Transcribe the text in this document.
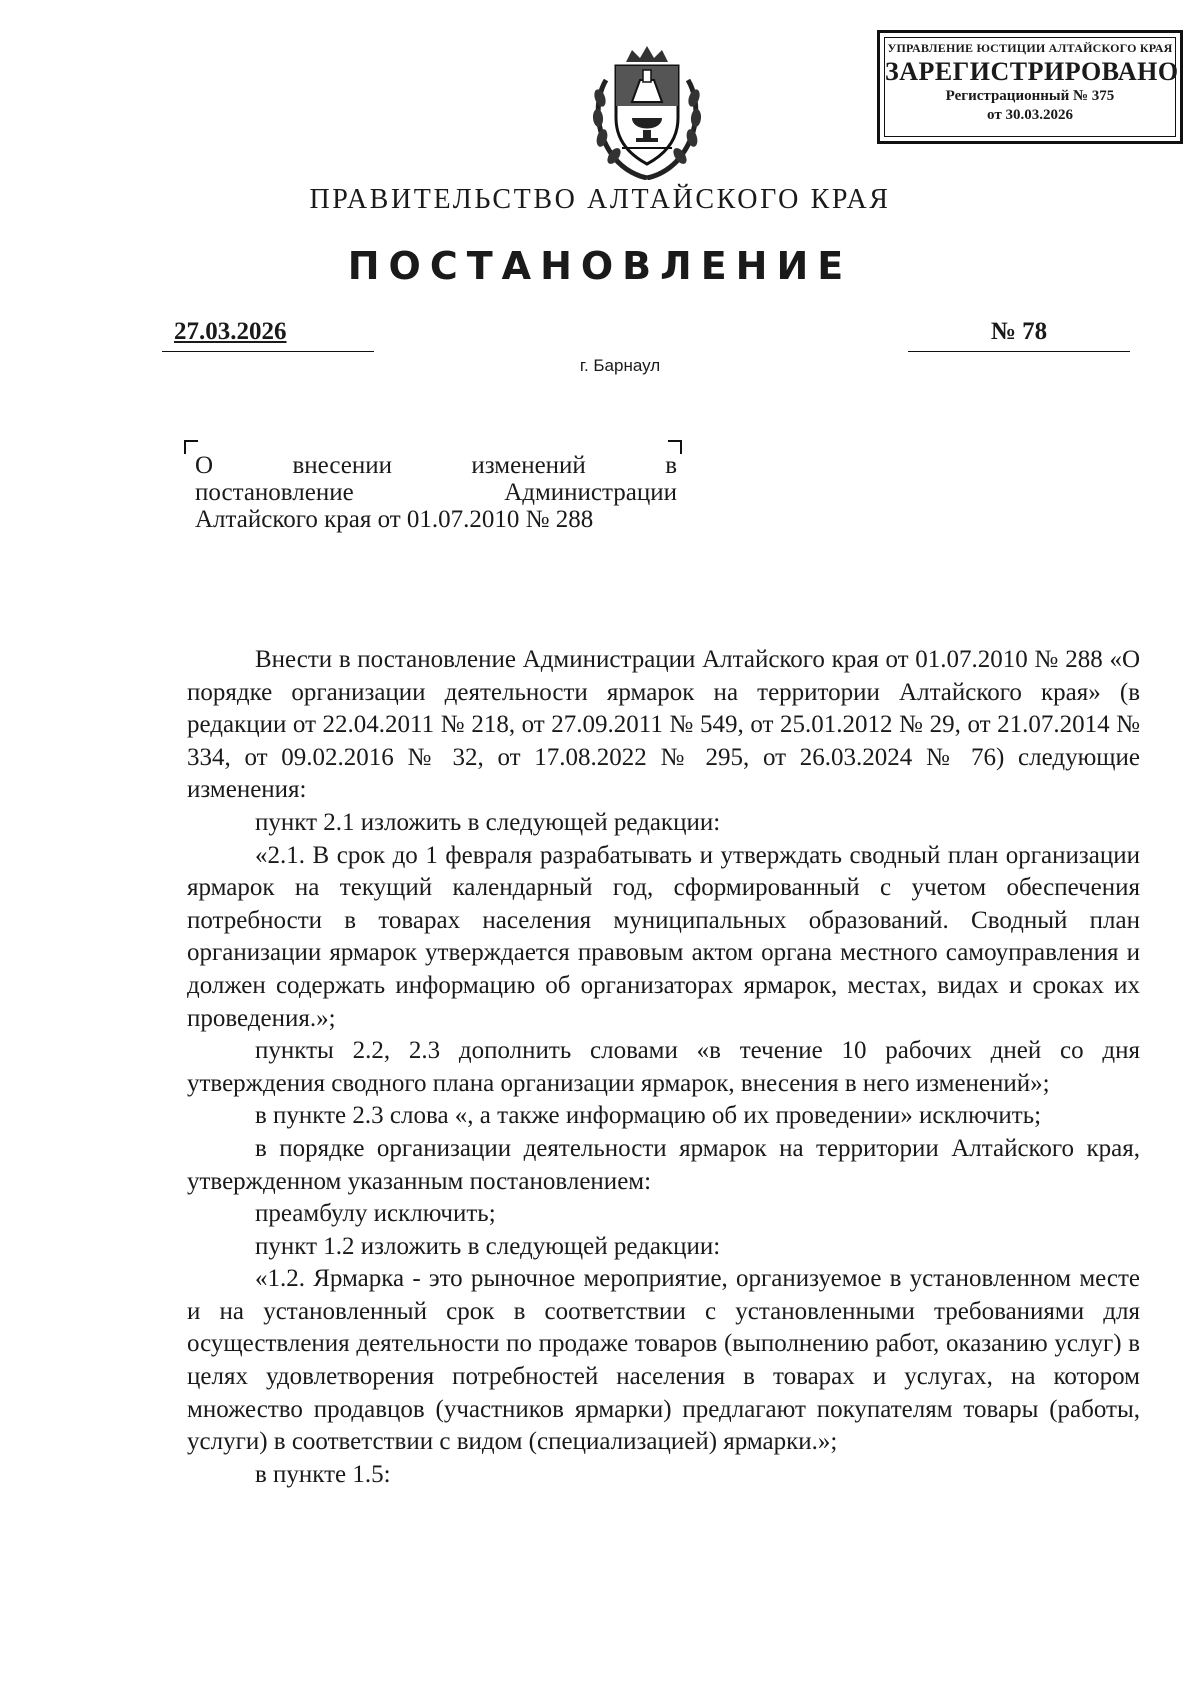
УПРАВЛЕНИЕ ЮСТИЦИИ АЛТАЙСКОГО КРАЯ
ЗАРЕГИСТРИРОВАНО
Регистрационный № 375
от 30.03.2026
ПРАВИТЕЛЬСТВО АЛТАЙСКОГО КРАЯ
ПОСТАНОВЛЕНИЕ
27.03.2026	№ 78
г. Барнаул
О внесении изменений в
постановление Администрации
Алтайского края от 01.07.2010 № 288

Внести в постановление Администрации Алтайского края от 01.07.2010 № 288 «О порядке организации деятельности ярмарок на территории Алтайского края» (в редакции от 22.04.2011 № 218, от 27.09.2011 № 549, от 25.01.2012 № 29, от 21.07.2014 № 334, от 09.02.2016 № 32, от 17.08.2022 № 295, от 26.03.2024 № 76) следующие изменения:

пункт 2.1 изложить в следующей редакции:

«2.1. В срок до 1 февраля разрабатывать и утверждать сводный план организации ярмарок на текущий календарный год, сформированный с учетом обеспечения потребности в товарах населения муниципальных образований. Сводный план организации ярмарок утверждается правовым актом органа местного самоуправления и должен содержать информацию об организаторах ярмарок, местах, видах и сроках их проведения.»;

пункты 2.2, 2.3 дополнить словами «в течение 10 рабочих дней со дня утверждения сводного плана организации ярмарок, внесения в него изменений»;

в пункте 2.3 слова «, а также информацию об их проведении» исключить;

в порядке организации деятельности ярмарок на территории Алтайского края, утвержденном указанным постановлением:

преамбулу исключить;

пункт 1.2 изложить в следующей редакции:

«1.2. Ярмарка - это рыночное мероприятие, организуемое в установленном месте и на установленный срок в соответствии с установленными требованиями для осуществления деятельности по продаже товаров (выполнению работ, оказанию услуг) в целях удовлетворения потребностей населения в товарах и услугах, на котором множество продавцов (участников ярмарки) предлагают покупателям товары (работы, услуги) в соответствии с видом (специализацией) ярмарки.»;

в пункте 1.5:
